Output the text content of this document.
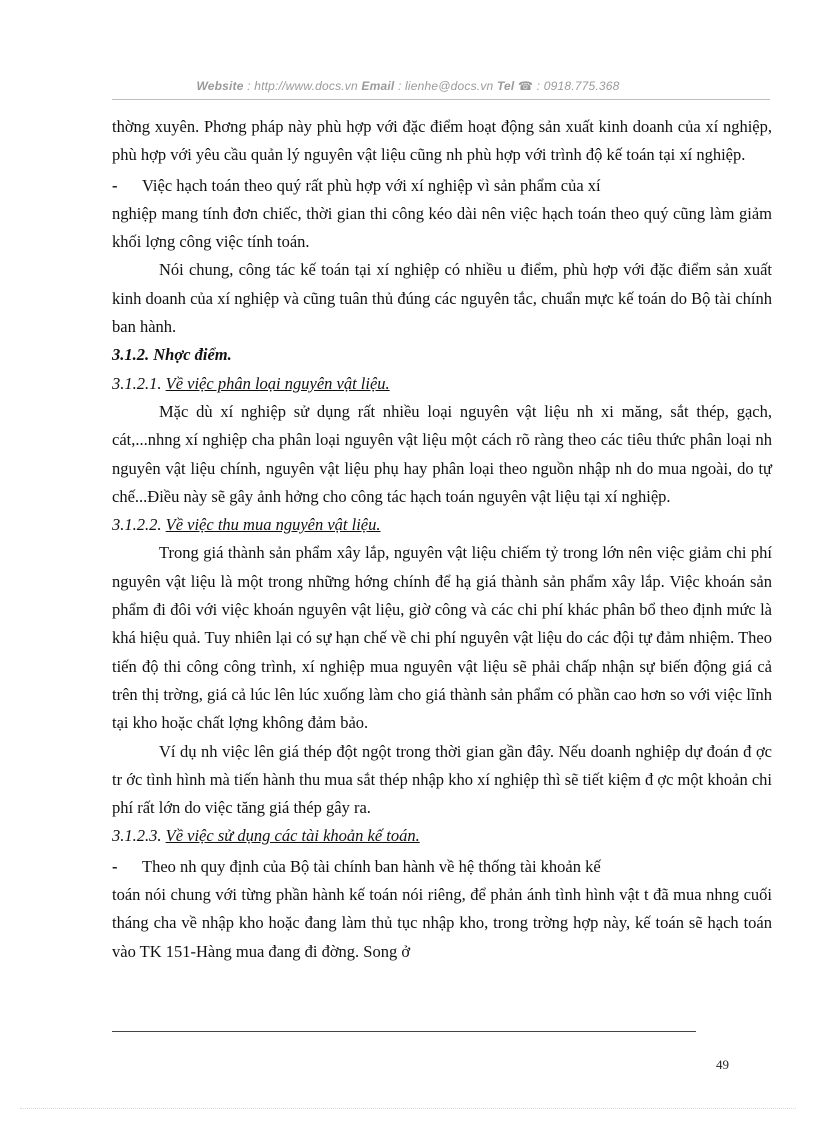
Website : http://www.docs.vn Email : lienhe@docs.vn Tel ☎ : 0918.775.368

thờng xuyên. Phơng pháp này phù hợp với đặc điểm hoạt động sản xuất kinh doanh của xí nghiệp, phù hợp với yêu cầu quản lý nguyên vật liệu cũng nh phù hợp với trình độ kế toán tại xí nghiệp.

- Việc hạch toán theo quý rất phù hợp với xí nghiệp vì sản phẩm của xí

nghiệp mang tính đơn chiếc, thời gian thi công kéo dài nên việc hạch toán theo quý cũng làm giảm khối lợng công việc tính toán.

Nói chung, công tác kế toán tại xí nghiệp có nhiều u điểm, phù hợp với đặc điểm sản xuất kinh doanh của xí nghiệp và cũng tuân thủ đúng các nguyên tắc, chuẩn mực kế toán do Bộ tài chính ban hành.

3.1.2. Nhợc điểm.

3.1.2.1. Về việc phân loại nguyên vật liệu.

Mặc dù xí nghiệp sử dụng rất nhiều loại nguyên vật liệu nh xi măng, sắt thép, gạch, cát,...nhng xí nghiệp cha phân loại nguyên vật liệu một cách rõ ràng theo các tiêu thức phân loại nh nguyên vật liệu chính, nguyên vật liệu phụ hay phân loại theo nguồn nhập nh do mua ngoài, do tự chế...Điều này sẽ gây ảnh hởng cho công tác hạch toán nguyên vật liệu tại xí nghiệp.

3.1.2.2. Về việc thu mua nguyên vật liệu.

Trong giá thành sản phẩm xây lắp, nguyên vật liệu chiếm tỷ trong lớn nên việc giảm chi phí nguyên vật liệu là một trong những hớng chính để hạ giá thành sản phẩm xây lắp. Việc khoán sản phẩm đi đôi với việc khoán nguyên vật liệu, giờ công và các chi phí khác phân bổ theo định mức là khá hiệu quả. Tuy nhiên lại có sự hạn chế về chi phí nguyên vật liệu do các đội tự đảm nhiệm. Theo tiến độ thi công công trình, xí nghiệp mua nguyên vật liệu sẽ phải chấp nhận sự biến động giá cả trên thị trờng, giá cả lúc lên lúc xuống làm cho giá thành sản phẩm có phần cao hơn so với việc lĩnh tại kho hoặc chất lợng không đảm bảo.

Ví dụ nh việc lên giá thép đột ngột trong thời gian gần đây. Nếu doanh nghiệp dự đoán đ ợc tr ớc tình hình mà tiến hành thu mua sắt thép nhập kho xí nghiệp thì sẽ tiết kiệm đ ợc một khoản chi phí rất lớn do việc tăng giá thép gây ra.

3.1.2.3. Về việc sử dụng các tài khoản kế toán.

- Theo nh quy định của Bộ tài chính ban hành về hệ thống tài khoản kế

toán nói chung với từng phần hành kế toán nói riêng, để phản ánh tình hình vật t đã mua nhng cuối tháng cha về nhập kho hoặc đang làm thủ tục nhập kho, trong trờng hợp này, kế toán sẽ hạch toán vào TK 151-Hàng mua đang đi đờng. Song ở

49
